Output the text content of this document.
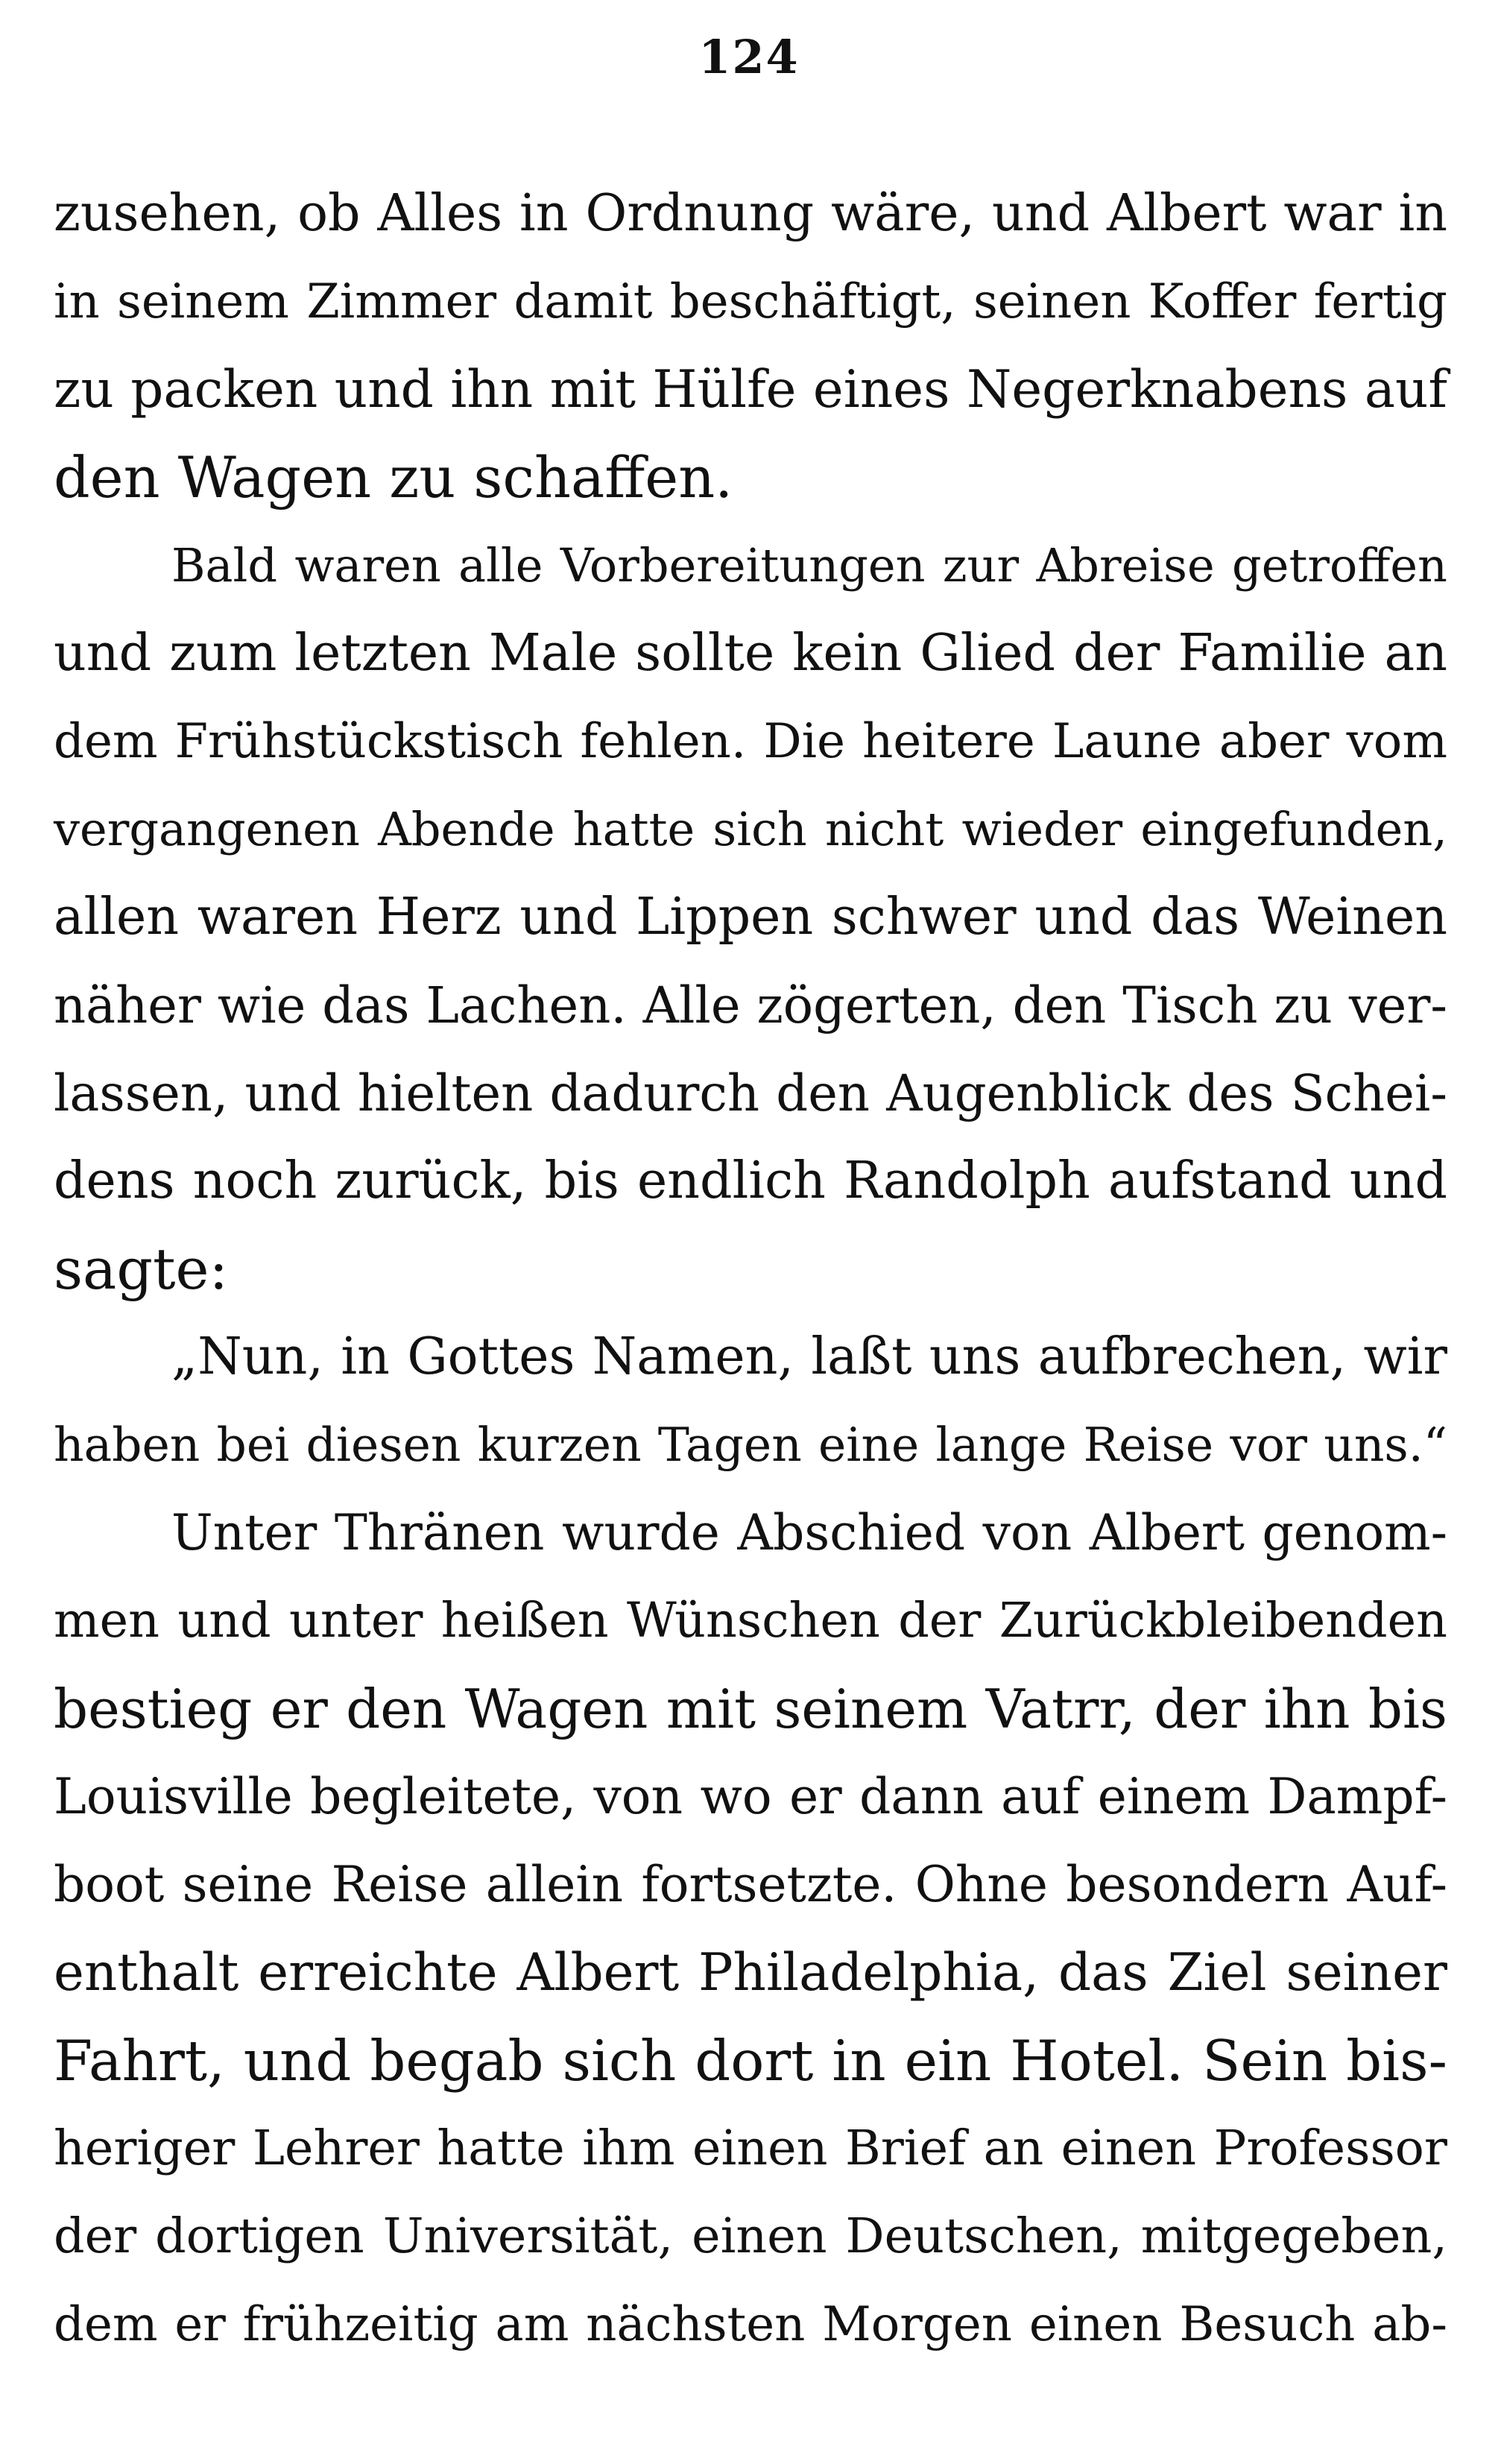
124
zusehen, ob Alles in Ordnung wäre, und Albert war in
in seinem Zimmer damit beschäftigt, seinen Koffer fertig
zu packen und ihn mit Hülfe eines Negerknabens auf
den Wagen zu schaffen.
Bald waren alle Vorbereitungen zur Abreise getroffen
und zum letzten Male sollte kein Glied der Familie an
dem Frühstückstisch fehlen. Die heitere Laune aber vom
vergangenen Abende hatte sich nicht wieder eingefunden,
allen waren Herz und Lippen schwer und das Weinen
näher wie das Lachen. Alle zögerten, den Tisch zu ver-
lassen, und hielten dadurch den Augenblick des Schei-
dens noch zurück, bis endlich Randolph aufstand und
sagte:
„Nun, in Gottes Namen, laßt uns aufbrechen, wir
haben bei diesen kurzen Tagen eine lange Reise vor uns.“
Unter Thränen wurde Abschied von Albert genom-
men und unter heißen Wünschen der Zurückbleibenden
bestieg er den Wagen mit seinem Vatrr, der ihn bis
Louisville begleitete, von wo er dann auf einem Dampf-
boot seine Reise allein fortsetzte. Ohne besondern Auf-
enthalt erreichte Albert Philadelphia, das Ziel seiner
Fahrt, und begab sich dort in ein Hotel. Sein bis-
heriger Lehrer hatte ihm einen Brief an einen Professor
der dortigen Universität, einen Deutschen, mitgegeben,
dem er frühzeitig am nächsten Morgen einen Besuch ab-
